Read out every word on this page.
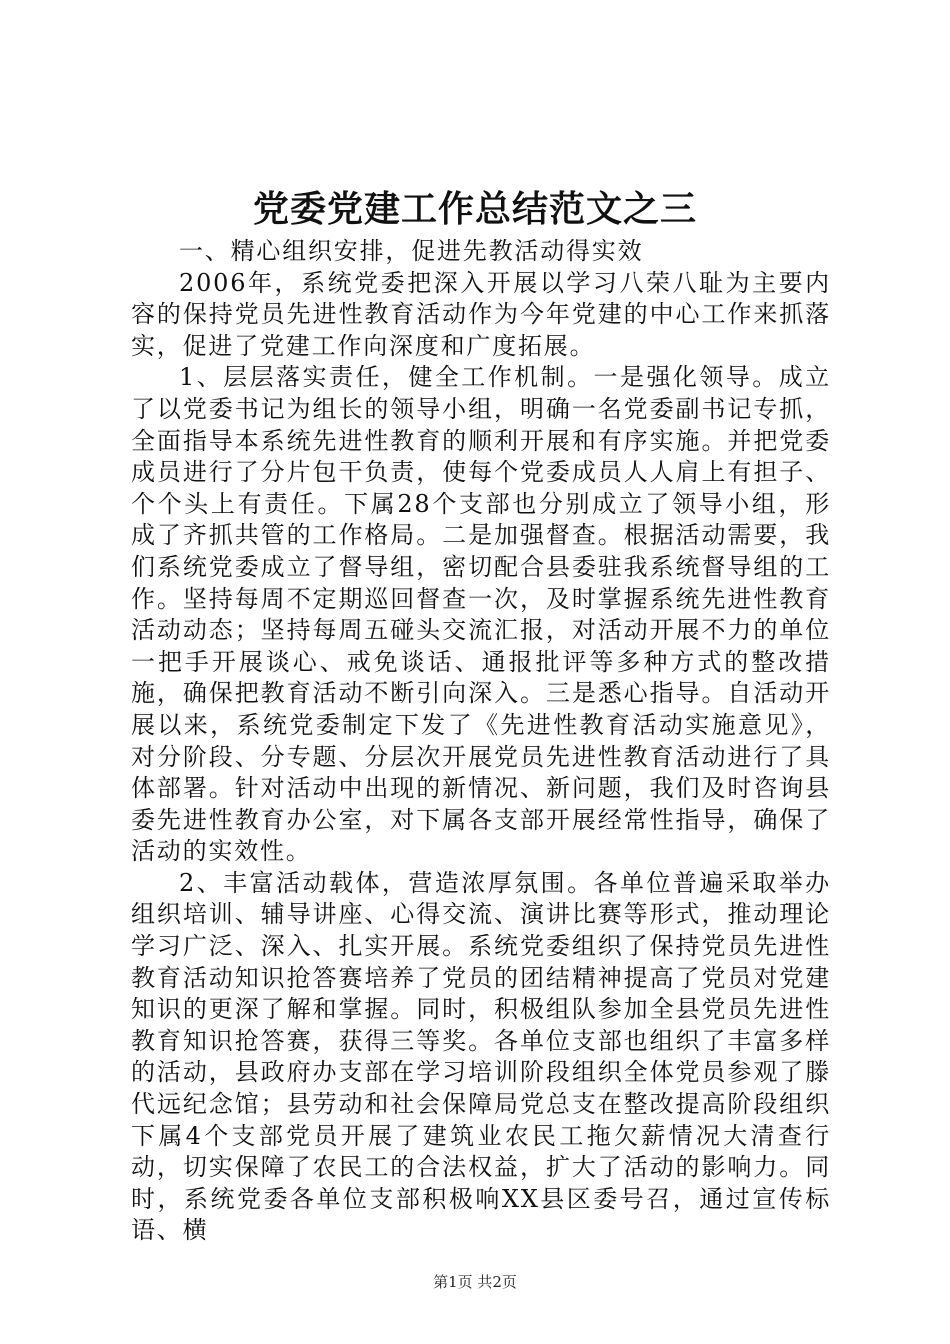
党委党建工作总结范文之三

一、精心组织安排，促进先教活动得实效

2006年，系统党委把深入开展以学习八荣八耻为主要内容的保持党员先进性教育活动作为今年党建的中心工作来抓落实，促进了党建工作向深度和广度拓展。

1、层层落实责任，健全工作机制。一是强化领导。成立了以党委书记为组长的领导小组，明确一名党委副书记专抓，全面指导本系统先进性教育的顺利开展和有序实施。并把党委成员进行了分片包干负责，使每个党委成员人人肩上有担子、个个头上有责任。下属28个支部也分别成立了领导小组，形成了齐抓共管的工作格局。二是加强督查。根据活动需要，我们系统党委成立了督导组，密切配合县委驻我系统督导组的工作。坚持每周不定期巡回督查一次，及时掌握系统先进性教育活动动态；坚持每周五碰头交流汇报，对活动开展不力的单位一把手开展谈心、戒免谈话、通报批评等多种方式的整改措施，确保把教育活动不断引向深入。三是悉心指导。自活动开展以来，系统党委制定下发了《先进性教育活动实施意见》，对分阶段、分专题、分层次开展党员先进性教育活动进行了具体部署。针对活动中出现的新情况、新问题，我们及时咨询县委先进性教育办公室，对下属各支部开展经常性指导，确保了活动的实效性。

2、丰富活动载体，营造浓厚氛围。各单位普遍采取举办组织培训、辅导讲座、心得交流、演讲比赛等形式，推动理论学习广泛、深入、扎实开展。系统党委组织了保持党员先进性教育活动知识抢答赛培养了党员的团结精神提高了党员对党建知识的更深了解和掌握。同时，积极组队参加全县党员先进性教育知识抢答赛，获得三等奖。各单位支部也组织了丰富多样的活动，县政府办支部在学习培训阶段组织全体党员参观了滕代远纪念馆；县劳动和社会保障局党总支在整改提高阶段组织下属4个支部党员开展了建筑业农民工拖欠薪情况大清查行动，切实保障了农民工的合法权益，扩大了活动的影响力。同时，系统党委各单位支部积极响XX县区委号召，通过宣传标语、横

第1页 共2页
